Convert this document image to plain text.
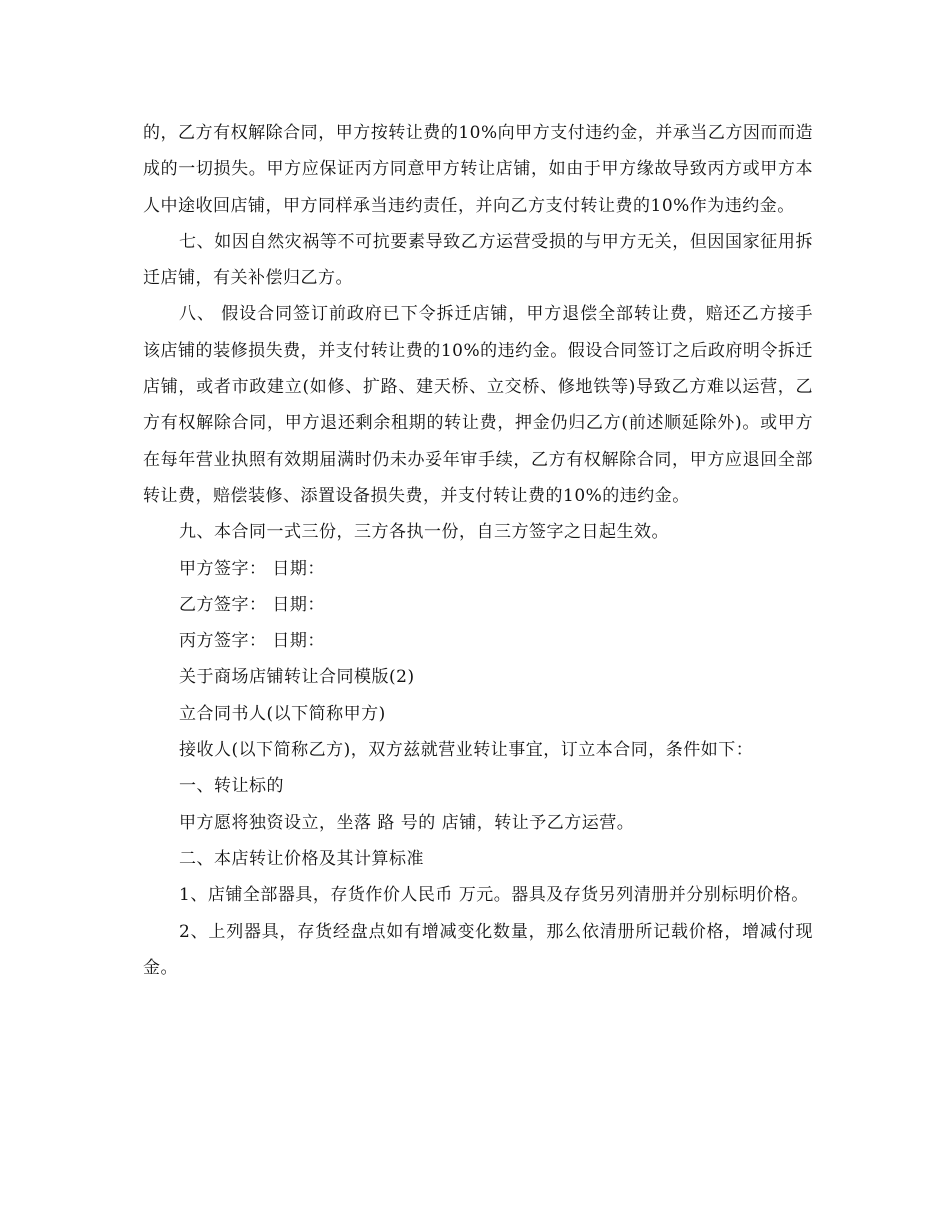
的，乙方有权解除合同，甲方按转让费的10%向甲方支付违约金，并承当乙方因而而造成的一切损失。甲方应保证丙方同意甲方转让店铺，如由于甲方缘故导致丙方或甲方本人中途收回店铺，甲方同样承当违约责任，并向乙方支付转让费的10%作为违约金。

七、如因自然灾祸等不可抗要素导致乙方运营受损的与甲方无关，但因国家征用拆迁店铺，有关补偿归乙方。

八、 假设合同签订前政府已下令拆迁店铺，甲方退偿全部转让费，赔还乙方接手该店铺的装修损失费，并支付转让费的10%的违约金。假设合同签订之后政府明令拆迁店铺，或者市政建立(如修、扩路、建天桥、立交桥、修地铁等)导致乙方难以运营，乙方有权解除合同，甲方退还剩余租期的转让费，押金仍归乙方(前述顺延除外)。或甲方在每年营业执照有效期届满时仍未办妥年审手续，乙方有权解除合同，甲方应退回全部转让费，赔偿装修、添置设备损失费，并支付转让费的10%的违约金。

九、本合同一式三份，三方各执一份，自三方签字之日起生效。

甲方签字： 日期：

乙方签字： 日期：

丙方签字： 日期：

关于商场店铺转让合同模版(2)

立合同书人(以下简称甲方)

接收人(以下简称乙方)，双方兹就营业转让事宜，订立本合同，条件如下：

一、转让标的

甲方愿将独资设立，坐落 路 号的 店铺，转让予乙方运营。

二、本店转让价格及其计算标准

1、店铺全部器具，存货作价人民币 万元。器具及存货另列清册并分别标明价格。

2、上列器具，存货经盘点如有增减变化数量，那么依清册所记载价格，增减付现金。
